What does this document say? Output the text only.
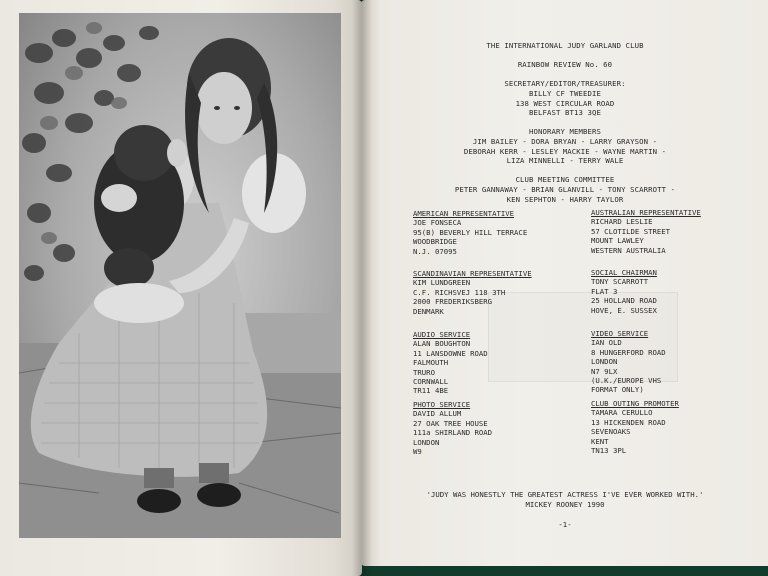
THE INTERNATIONAL JUDY GARLAND CLUB

RAINBOW REVIEW No. 60

SECRETARY/EDITOR/TREASURER:
BILLY CF TWEEDIE
138 WEST CIRCULAR ROAD
BELFAST BT13 3QE

HONORARY MEMBERS
JIM BAILEY - DORA BRYAN - LARRY GRAYSON -
DEBORAH KERR - LESLEY MACKIE - WAYNE MARTIN -
LIZA MINNELLI - TERRY WALE

CLUB MEETING COMMITTEE
PETER GANNAWAY - BRIAN GLANVILL - TONY SCARROTT -
KEN SEPHTON - HARRY TAYLOR
AMERICAN REPRESENTATIVE
JOE FONSECA
95(B) BEVERLY HILL TERRACE
WOODBRIDGE
N.J. 07095
AUSTRALIAN REPRESENTATIVE
RICHARD LESLIE
57 CLOTILDE STREET
MOUNT LAWLEY
WESTERN AUSTRALIA
SCANDINAVIAN REPRESENTATIVE
KIM LUNDGREEN
C.F. RICHSVEJ 118 3TH
2000 FREDERIKSBERG
DENMARK
SOCIAL CHAIRMAN
TONY SCARROTT
FLAT 3
25 HOLLAND ROAD
HOVE, E. SUSSEX
AUDIO SERVICE
ALAN BOUGHTON
11 LANSDOWNE ROAD
FALMOUTH
TRURO
CORNWALL
TR11 4BE
VIDEO SERVICE
IAN OLD
8 HUNGERFORD ROAD
LONDON
N7 9LX
(U.K./EUROPE VHS
FORMAT ONLY)
PHOTO SERVICE
DAVID ALLUM
27 OAK TREE HOUSE
111a SHIRLAND ROAD
LONDON
W9
CLUB OUTING PROMOTER
TAMARA CERULLO
13 HICKENDEN ROAD
SEVENOAKS
KENT
TN13 3PL
'JUDY WAS HONESTLY THE GREATEST ACTRESS I'VE EVER WORKED WITH.'
MICKEY ROONEY 1990
-1-
